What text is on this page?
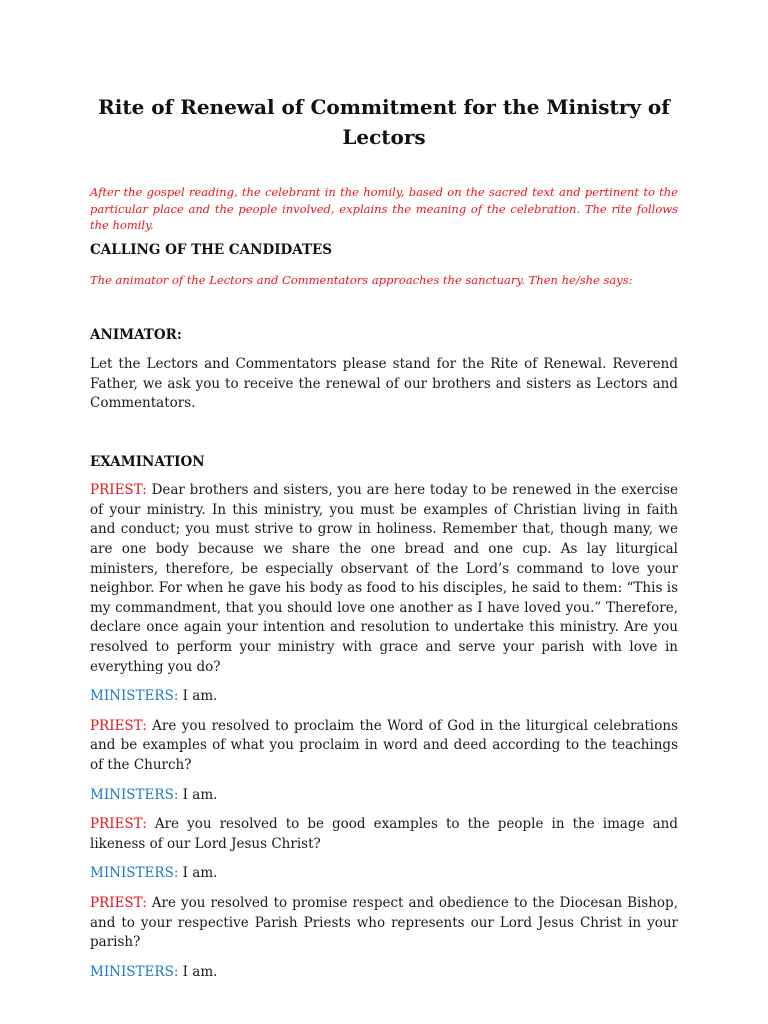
Rite of Renewal of Commitment for the Ministry of Lectors

After the gospel reading, the celebrant in the homily, based on the sacred text and pertinent to the particular place and the people involved, explains the meaning of the celebration. The rite follows the homily.

CALLING OF THE CANDIDATES

The animator of the Lectors and Commentators approaches the sanctuary. Then he/she says:

ANIMATOR:

Let the Lectors and Commentators please stand for the Rite of Renewal. Reverend Father, we ask you to receive the renewal of our brothers and sisters as Lectors and Commentators.

EXAMINATION

PRIEST: Dear brothers and sisters, you are here today to be renewed in the exercise of your ministry. In this ministry, you must be examples of Christian living in faith and conduct; you must strive to grow in holiness. Remember that, though many, we are one body because we share the one bread and one cup. As lay liturgical ministers, therefore, be especially observant of the Lord’s command to love your neighbor. For when he gave his body as food to his disciples, he said to them: “This is my commandment, that you should love one another as I have loved you.” Therefore, declare once again your intention and resolution to undertake this ministry. Are you resolved to perform your ministry with grace and serve your parish with love in everything you do?

MINISTERS: I am.

PRIEST: Are you resolved to proclaim the Word of God in the liturgical celebrations and be examples of what you proclaim in word and deed according to the teachings of the Church?

MINISTERS: I am.

PRIEST: Are you resolved to be good examples to the people in the image and likeness of our Lord Jesus Christ?

MINISTERS: I am.

PRIEST: Are you resolved to promise respect and obedience to the Diocesan Bishop, and to your respective Parish Priests who represents our Lord Jesus Christ in your parish?

MINISTERS: I am.
